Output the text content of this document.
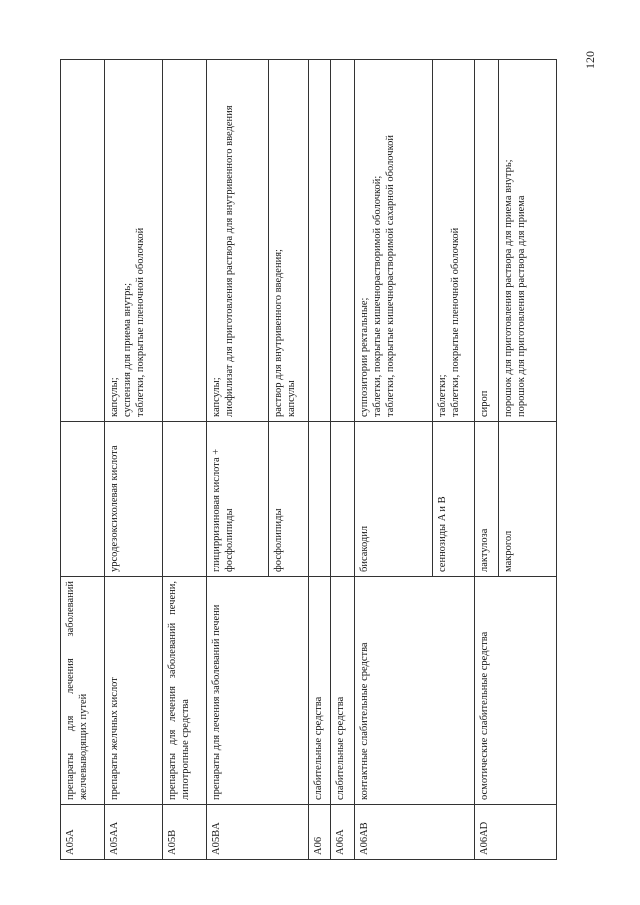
120
A05A	препараты для лечения заболеваний желчевыводящих путей		
A05AA	препараты желчных кислот	урсодезоксихолевая кислота	капсулы; суспензия для приема внутрь; таблетки, покрытые пленочной оболочкой

A05B	препараты для лечения заболеваний печени, липотропные средства		
A05BA	препараты для лечения заболеваний печени	глицирризиновая кислота + фосфолипиды	капсулы; лиофилизат для приготовления раствора для внутривенного введения

		фосфолипиды	раствор для внутривенного введения; капсулы

A06	слабительные средства		
A06A	слабительные средства		
A06AB	контактные слабительные средства	бисакодил	суппозитории ректальные; таблетки, покрытые кишечнорастворимой оболочкой; таблетки, покрытые кишечнорастворимой сахарной оболочкой

		сеннозиды A и B	таблетки; таблетки, покрытые пленочной оболочкой

A06AD	осмотические слабительные средства	лактулоза	сироп

		макрогол	порошок для приготовления раствора для приема внутрь; порошок для приготовления раствора для приема
